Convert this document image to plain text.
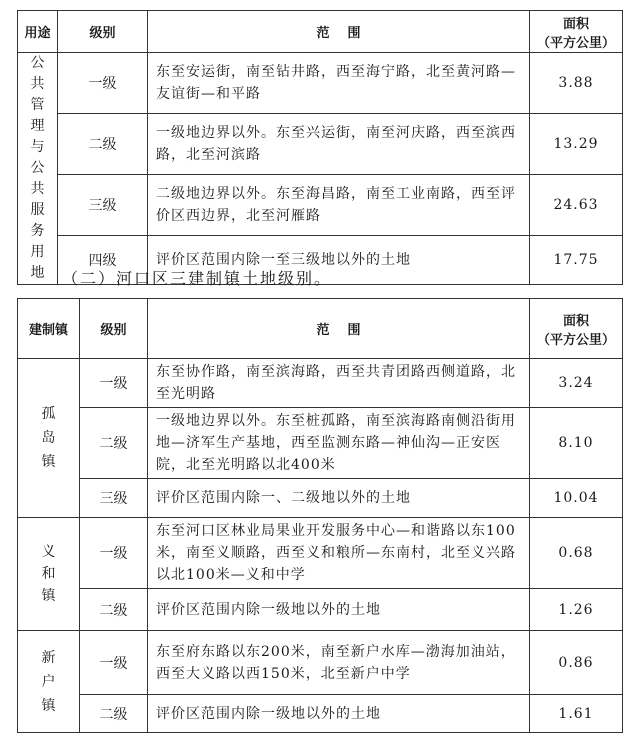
用途	级别	范    围	面积
（平方公里）

公共管理与公共服务用地	一级	东至安运街，南至钻井路，西至海宁路，北至黄河路—友谊街—和平路	3.88
	二级	一级地边界以外。东至兴运街，南至河庆路，西至滨西路，北至河滨路	13.29
	三级	二级地边界以外。东至海昌路，南至工业南路，西至评价区西边界，北至河雁路	24.63
	四级	评价区范围内除一至三级地以外的土地	17.75
（二）河口区三建制镇土地级别。
建制镇	级别	范    围	面积
（平方公里）

孤岛镇	一级	东至协作路，南至滨海路，西至共青团路西侧道路，北至光明路	3.24
	二级	一级地边界以外。东至桩孤路，南至滨海路南侧沿街用地—济军生产基地，西至监测东路—神仙沟—正安医院，北至光明路以北400米	8.10
	三级	评价区范围内除一、二级地以外的土地	10.04

义和镇	一级	东至河口区林业局果业开发服务中心—和谐路以东100米，南至义顺路，西至义和粮所—东南村，北至义兴路以北100米—义和中学	0.68
	二级	评价区范围内除一级地以外的土地	1.26

新户镇	一级	东至府东路以东200米，南至新户水库—渤海加油站，西至大义路以西150米，北至新户中学	0.86
	二级	评价区范围内除一级地以外的土地	1.61
